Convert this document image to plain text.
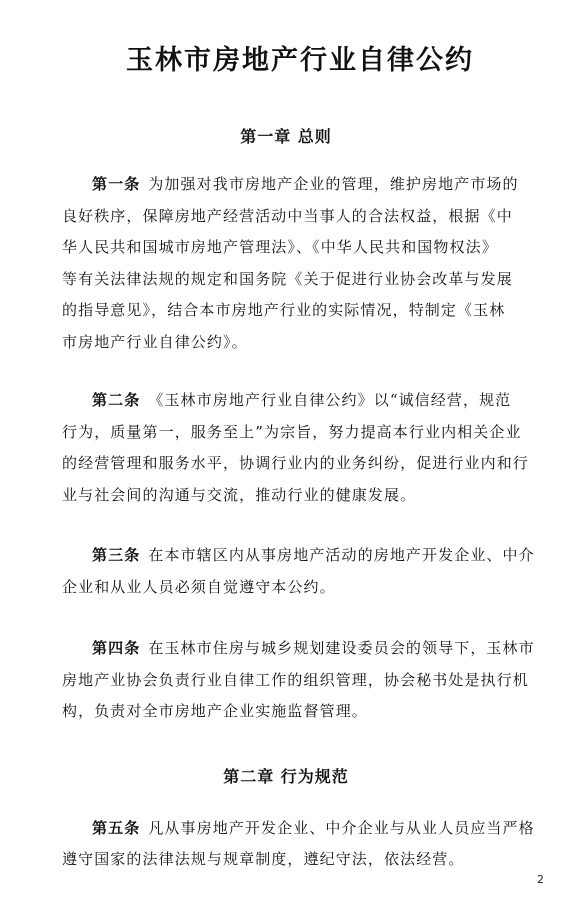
玉林市房地产行业自律公约
第一章 总则
第一条 为加强对我市房地产企业的管理，维护房地产市场的
良好秩序，保障房地产经营活动中当事人的合法权益，根据《中
华人民共和国城市房地产管理法》、《中华人民共和国物权法》
等有关法律法规的规定和国务院《关于促进行业协会改革与发展
的指导意见》，结合本市房地产行业的实际情况，特制定《玉林
市房地产行业自律公约》。
第二条 《玉林市房地产行业自律公约》以“诚信经营，规范
行为，质量第一，服务至上”为宗旨，努力提高本行业内相关企业
的经营管理和服务水平，协调行业内的业务纠纷，促进行业内和行
业与社会间的沟通与交流，推动行业的健康发展。
第三条 在本市辖区内从事房地产活动的房地产开发企业、中介
企业和从业人员必须自觉遵守本公约。
第四条 在玉林市住房与城乡规划建设委员会的领导下，玉林市
房地产业协会负责行业自律工作的组织管理，协会秘书处是执行机
构，负责对全市房地产企业实施监督管理。
第二章 行为规范
第五条 凡从事房地产开发企业、中介企业与从业人员应当严格
遵守国家的法律法规与规章制度，遵纪守法，依法经营。
2
